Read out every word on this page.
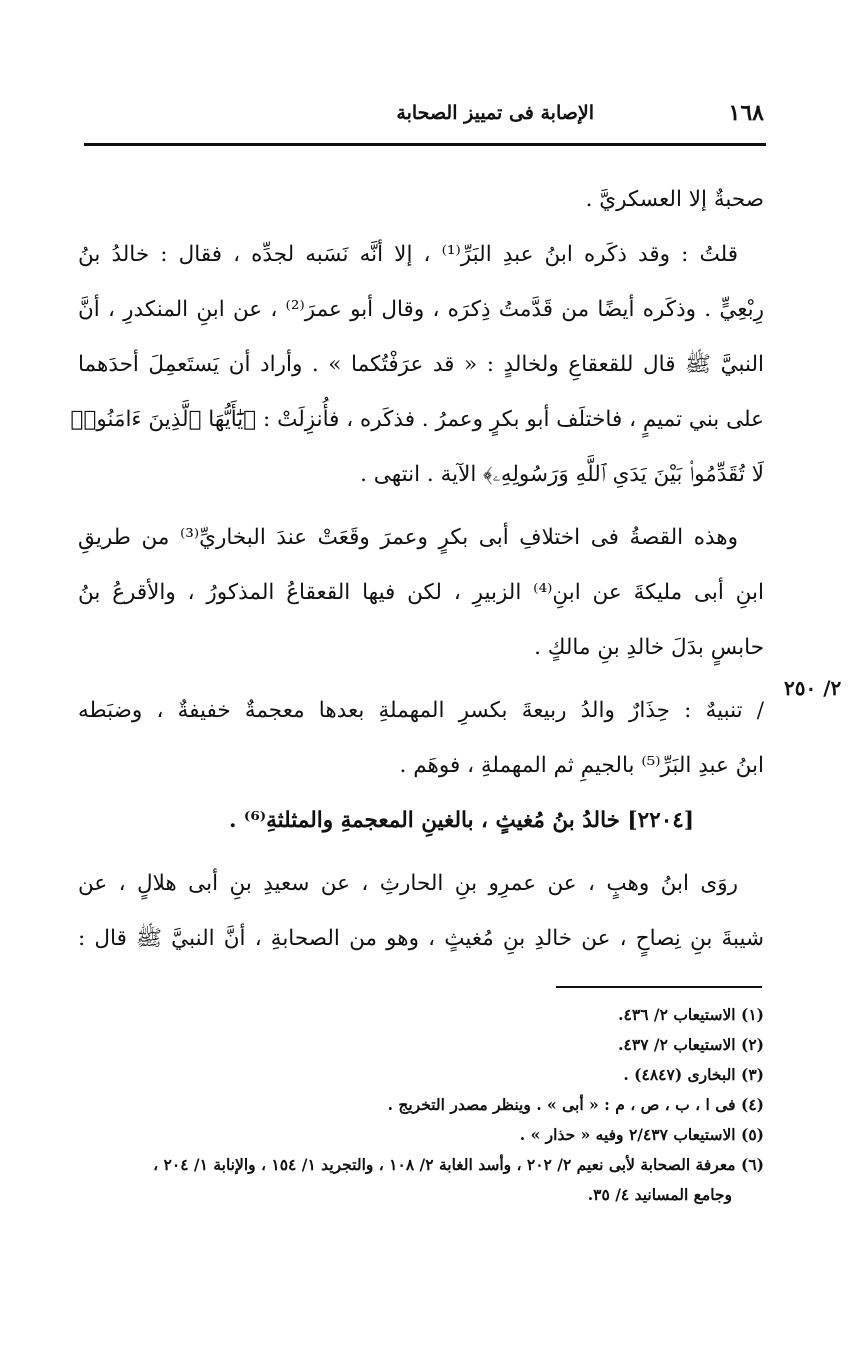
١٦٨
الإصابة فى تمييز الصحابة
٢/ ٢٥٠
صحبةٌ إلا العسكريَّ .
قلتُ : وقد ذكَره ابنُ عبدِ البَرِّ⁽¹⁾ ، إلا أنَّه نَسَبه لجدِّه ، فقال : خالدُ بنُ
رِبْعِيٍّ . وذكَره أيضًا من قَدَّمتُ ذِكرَه ، وقال أبو عمرَ⁽²⁾ ، عن ابنِ المنكدرِ ، أنَّ
النبيَّ ﷺ قال للقعقاعِ ولخالدٍ : « قد عرَفْتُكما » . وأراد أن يَستَعمِلَ أحدَهما
على بني تميمٍ ، فاختلَف أبو بكرٍ وعمرُ . فذكَره ، فأُنزِلَتْ : ﴿يَٰٓأَيُّهَا ٱلَّذِينَ ءَامَنُوا۟
لَا تُقَدِّمُوا۟ بَيْنَ يَدَىِ ٱللَّهِ وَرَسُولِهِۦ﴾ الآية . انتهى .
وهذه القصةُ فى اختلافِ أبى بكرٍ وعمرَ وقَعَتْ عندَ البخاريِّ⁽³⁾ من طريقِ
ابنِ أبى مليكةَ عن ابنِ⁽⁴⁾ الزبيرِ ، لكن فيها القعقاعُ المذكورُ ، والأقرعُ بنُ
حابسٍ بدَلَ خالدِ بنِ مالكٍ .
/ تنبيهٌ : حِذَارٌ والدُ ربيعةَ بكسرِ المهملةِ بعدها معجمةٌ خفيفةٌ ، وضبَطه
ابنُ عبدِ البَرِّ⁽⁵⁾ بالجيمِ ثم المهملةِ ، فوهَم .
[٢٢٠٤] خالدُ بنُ مُغيثٍ ، بالغينِ المعجمةِ والمثلثةِ⁽⁶⁾ .
روَى ابنُ وهبٍ ، عن عمرِو بنِ الحارثِ ، عن سعيدِ بنِ أبى هلالٍ ، عن
شيبةَ بنِ نِصاحٍ ، عن خالدِ بنِ مُغيثٍ ، وهو من الصحابةِ ، أنَّ النبيَّ ﷺ قال :
(١) الاستيعاب ٢/ ٤٣٦.
(٢) الاستيعاب ٢/ ٤٣٧.
(٣) البخارى (٤٨٤٧) .
(٤) فى ا ، ب ، ص ، م : « أبى » . وينظر مصدر التخريج .
(٥) الاستيعاب ٢/٤٣٧ وفيه « حذار » .
(٦) معرفة الصحابة لأبى نعيم ٢/ ٢٠٢ ، وأسد الغابة ٢/ ١٠٨ ، والتجريد ١/ ١٥٤ ، والإنابة ١/ ٢٠٤ ،
وجامع المسانيد ٤/ ٣٥.
